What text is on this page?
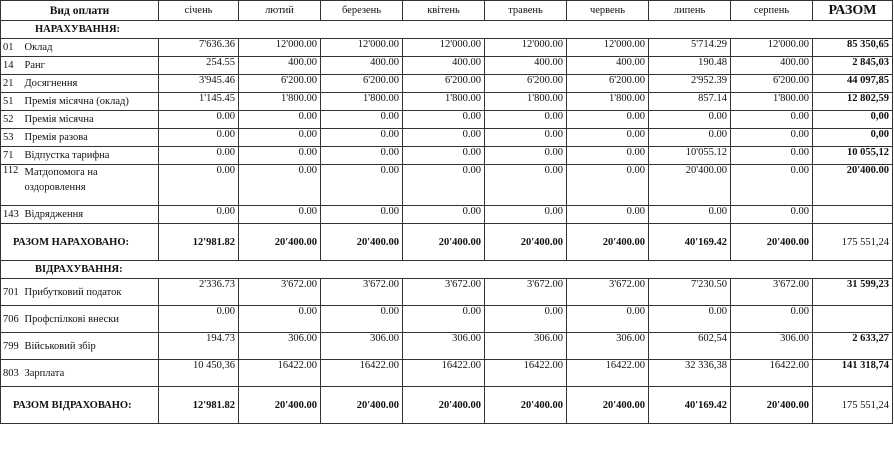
Вид оплати		січень	лютий	березень	квітень	травень	червень	липень	серпень	РАЗОМ
НАРАХУВАННЯ:										
01	Оклад	7'636.36	12'000.00	12'000.00	12'000.00	12'000.00	12'000.00	5'714.29	12'000.00	85 350,65
14	Ранг	254.55	400.00	400.00	400.00	400.00	400.00	190.48	400.00	2 845,03
21	Досягнення	3'945.46	6'200.00	6'200.00	6'200.00	6'200.00	6'200.00	2'952.39	6'200.00	44 097,85
51	Премія місячна (оклад)	1'145.45	1'800.00	1'800.00	1'800.00	1'800.00	1'800.00	857.14	1'800.00	12 802,59
52	Премія місячна	0.00	0.00	0.00	0.00	0.00	0.00	0.00	0.00	0,00
53	Премія разова	0.00	0.00	0.00	0.00	0.00	0.00	0.00	0.00	0,00
71	Відпустка тарифна	0.00	0.00	0.00	0.00	0.00	0.00	10'055.12	0.00	10 055,12
112	Матдопомога на оздоровлення	0.00	0.00	0.00	0.00	0.00	0.00	20'400.00	0.00	20'400.00
143	Відрядження	0.00	0.00	0.00	0.00	0.00	0.00	0.00	0.00	
РАЗОМ НАРАХОВАНО:		12'981.82	20'400.00	20'400.00	20'400.00	20'400.00	20'400.00	40'169.42	20'400.00	175 551,24
ВІДРАХУВАННЯ:										
701	Прибутковий податок	2'336.73	3'672.00	3'672.00	3'672.00	3'672.00	3'672.00	7'230.50	3'672.00	31 599,23
706	Профспілкові внески	0.00	0.00	0.00	0.00	0.00	0.00	0.00	0.00	
799	Військовий збір	194.73	306.00	306.00	306.00	306.00	306.00	602,54	306.00	2 633,27
803	Зарплата	10 450,36	16422.00	16422.00	16422.00	16422.00	16422.00	32 336,38	16422.00	141 318,74
РАЗОМ ВІДРАХОВАНО:		12'981.82	20'400.00	20'400.00	20'400.00	20'400.00	20'400.00	40'169.42	20'400.00	175 551,24
